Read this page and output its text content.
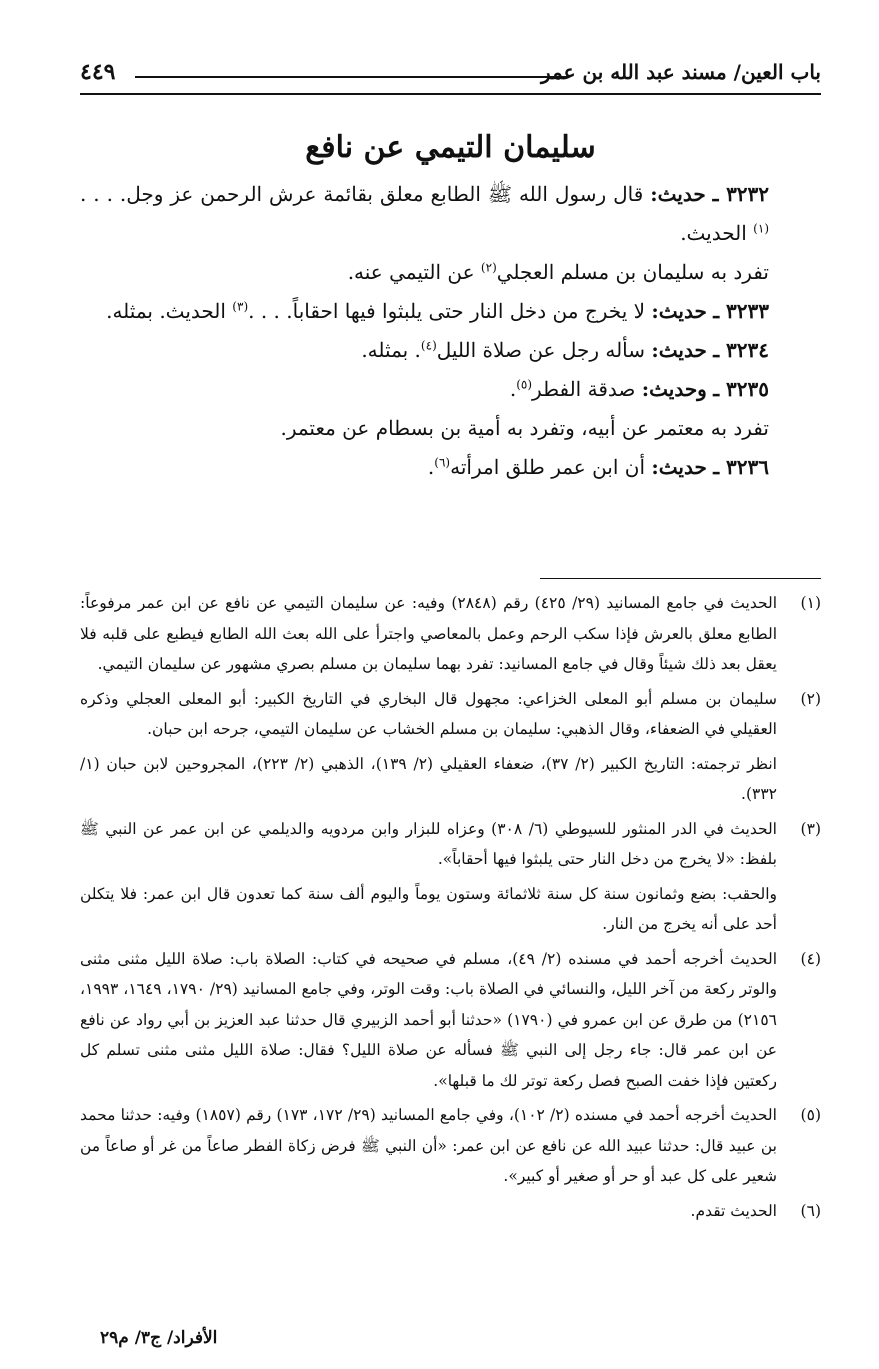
باب العين/ مسند عبد الله بن عمر
٤٤٩
سليمان التيمي عن نافع

٣٢٣٢ ـ حديث: قال رسول الله ﷺ الطابع معلق بقائمة عرش الرحمن عز وجل. . . .$^{(١)}$ الحديث.

تفرد به سليمان بن مسلم العجلي$^{(٢)}$ عن التيمي عنه.

٣٢٣٣ ـ حديث: لا يخرج من دخل النار حتى يلبثوا فيها احقاباً. . . .$^{(٣)}$ الحديث. بمثله.

٣٢٣٤ ـ حديث: سأله رجل عن صلاة الليل$^{(٤)}$. بمثله.

٣٢٣٥ ـ وحديث: صدقة الفطر$^{(٥)}$.

تفرد به معتمر عن أبيه، وتفرد به أمية بن بسطام عن معتمر.

٣٢٣٦ ـ حديث: أن ابن عمر طلق امرأته$^{(٦)}$.

(١)

الحديث في جامع المسانيد (٢٩/ ٤٢٥) رقم (٢٨٤٨) وفيه: عن سليمان التيمي عن نافع عن ابن عمر مرفوعاً: الطابع معلق بالعرش فإذا سكب الرحم وعمل بالمعاصي واجترأ على الله بعث الله الطابع فيطبع على قلبه فلا يعقل بعد ذلك شيئاً وقال في جامع المسانيد: تفرد بهما سليمان بن مسلم بصري مشهور عن سليمان التيمي.

(٢)

سليمان بن مسلم أبو المعلى الخزاعي: مجهول قال البخاري في التاريخ الكبير: أبو المعلى العجلي وذكره العقيلي في الضعفاء، وقال الذهبي: سليمان بن مسلم الخشاب عن سليمان التيمي، جرحه ابن حبان.

انظر ترجمته: التاريخ الكبير (٢/ ٣٧)، ضعفاء العقيلي (٢/ ١٣٩)، الذهبي (٢/ ٢٢٣)، المجروحين لابن حبان (١/ ٣٣٢).

(٣)

الحديث في الدر المنثور للسيوطي (٦/ ٣٠٨) وعزاه للبزار وابن مردويه والديلمي عن ابن عمر عن النبي ﷺ بلفظ: «لا يخرج من دخل النار حتى يلبثوا فيها أحقاباً».

والحقب: بضع وثمانون سنة كل سنة ثلاثمائة وستون يوماً واليوم ألف سنة كما تعدون قال ابن عمر: فلا يتكلن أحد على أنه يخرج من النار.

(٤)

الحديث أخرجه أحمد في مسنده (٢/ ٤٩)، مسلم في صحيحه في كتاب: الصلاة باب: صلاة الليل مثنى مثنى والوتر ركعة من آخر الليل، والنسائي في الصلاة باب: وقت الوتر، وفي جامع المسانيد (٢٩/ ١٧٩٠، ١٦٤٩، ١٩٩٣، ٢١٥٦) من طرق عن ابن عمرو في (١٧٩٠) «حدثنا أبو أحمد الزبيري قال حدثنا عبد العزيز بن أبي رواد عن نافع عن ابن عمر قال: جاء رجل إلى النبي ﷺ فسأله عن صلاة الليل؟ فقال: صلاة الليل مثنى مثنى تسلم كل ركعتين فإذا خفت الصبح فصل ركعة توتر لك ما قبلها».

(٥)

الحديث أخرجه أحمد في مسنده (٢/ ١٠٢)، وفي جامع المسانيد (٢٩/ ١٧٢، ١٧٣) رقم (١٨٥٧) وفيه: حدثنا محمد بن عبيد قال: حدثنا عبيد الله عن نافع عن ابن عمر: «أن النبي ﷺ فرض زكاة الفطر صاعاً من غر أو صاعاً من شعير على كل عبد أو حر أو صغير أو كبير».

(٦)

الحديث تقدم.

الأفراد/ ج٣/ م٢٩
